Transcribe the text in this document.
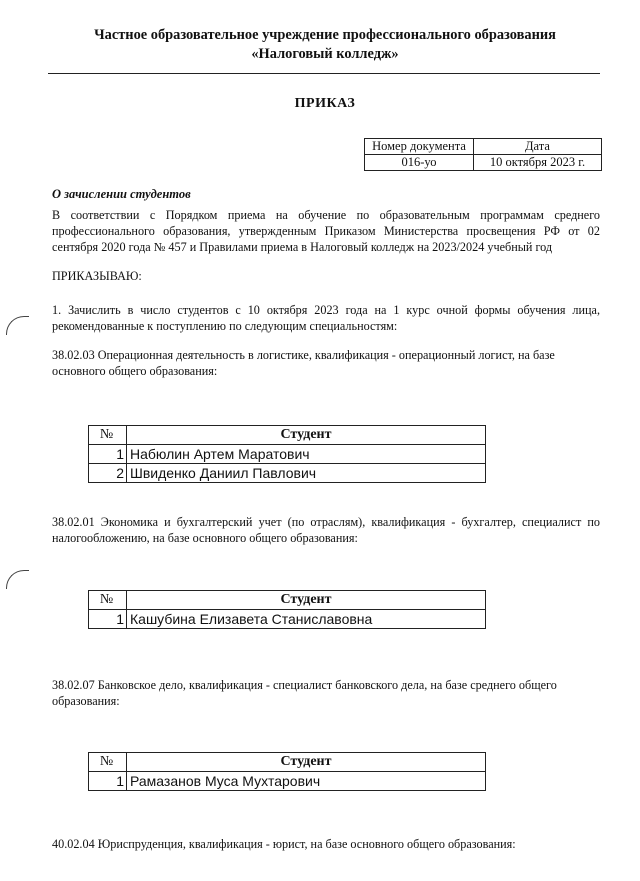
Частное образовательное учреждение профессионального образования
«Налоговый колледж»
ПРИКАЗ
Номер документа	Дата
016-уо	10 октября 2023 г.
О зачислении студентов
В соответствии с Порядком приема на обучение по образовательным программам среднего профессионального образования, утвержденным Приказом Министерства просвещения РФ от 02 сентября 2020 года № 457 и Правилами приема в Налоговый колледж на 2023/2024 учебный год
ПРИКАЗЫВАЮ:
1. Зачислить в число студентов с 10 октября 2023 года на 1 курс очной формы обучения лица, рекомендованные к поступлению по следующим специальностям:
38.02.03 Операционная деятельность в логистике, квалификация - операционный логист, на базе основного общего образования:
№	Студент
1	Набюлин Артем Маратович
2	Швиденко Даниил Павлович
38.02.01 Экономика и бухгалтерский учет (по отраслям), квалификация - бухгалтер, специалист по налогообложению, на базе основного общего образования:
№	Студент
1	Кашубина Елизавета Станиславовна
38.02.07 Банковское дело, квалификация - специалист банковского дела, на базе среднего общего образования:
№	Студент
1	Рамазанов Муса Мухтарович
40.02.04 Юриспруденция, квалификация - юрист, на базе основного общего образования:
